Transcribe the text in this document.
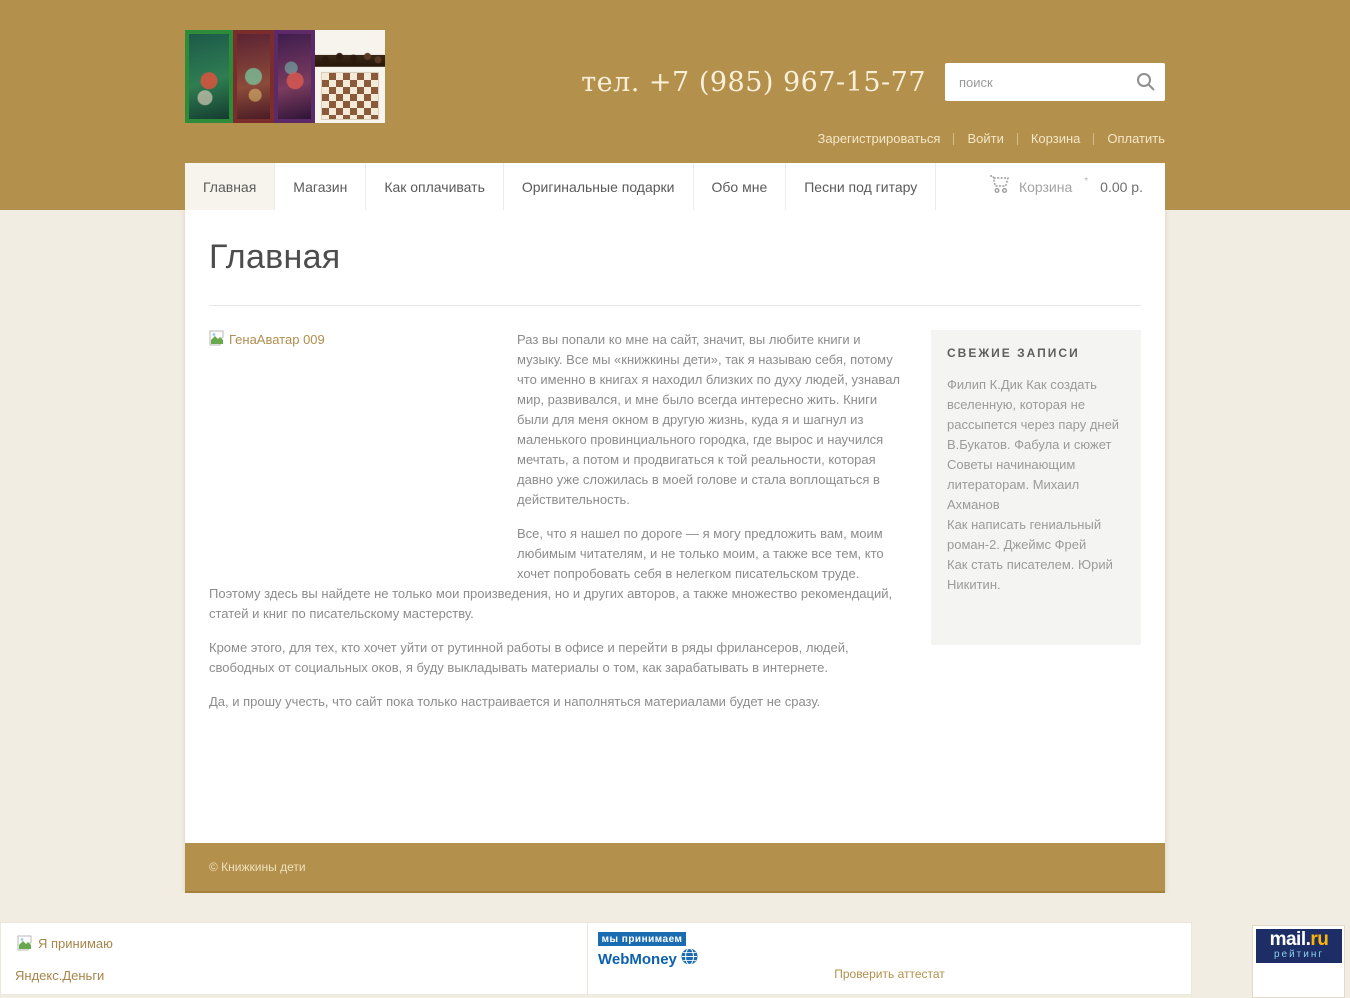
тел. +7 (985) 967-15-77
поиск
Зарегистрироваться Войти Корзина Оплатить
Главная	Магазин	Как оплачивать	Оригинальные подарки	Обо мне	Песни под гитару	Корзина * 0.00 р.
Главная
ГенаАватар 009	Раз вы попали ко мне на сайт, значит, вы любите книги и музыку. Все мы «книжкины дети», так я называю себя, потому что именно в книгах я находил близких по духу людей, узнавал мир, развивался, и мне было всегда интересно жить. Книги были для меня окном в другую жизнь, куда я и шагнул из маленького провинциального городка, где вырос и научился мечтать, а потом и продвигаться к той реальности, которая давно уже сложилась в моей голове и стала воплощаться в действительность.

Все, что я нашел по дороге — я могу предложить вам, моим любимым читателям, и не только моим, а также все тем, кто хочет попробовать себя в нелегком писательском труде. Поэтому здесь вы найдете не только мои произведения, но и других авторов, а также множество рекомендаций, статей и книг по писательскому мастерству.

Кроме этого, для тех, кто хочет уйти от рутинной работы в офисе и перейти в ряды фрилансеров, людей, свободных от социальных оков, я буду выкладывать материалы о том, как зарабатывать в интернете.

Да, и прошу учесть, что сайт пока только настраивается и наполняться материалами будет не сразу.

СВЕЖИЕ ЗАПИСИ
Филип К.Дик Как создать вселенную, которая не рассыпется через пару дней
В.Букатов. Фабула и сюжет
Советы начинающим литераторам. Михаил Ахманов
Как написать гениальный роман-2. Джеймс Фрей
Как стать писателем. Юрий Никитин.
© Книжкины дети
Я принимаю
Яндекс.Деньги
мы принимаем
WebMoney
Проверить аттестат
mail.ru
рейтинг
